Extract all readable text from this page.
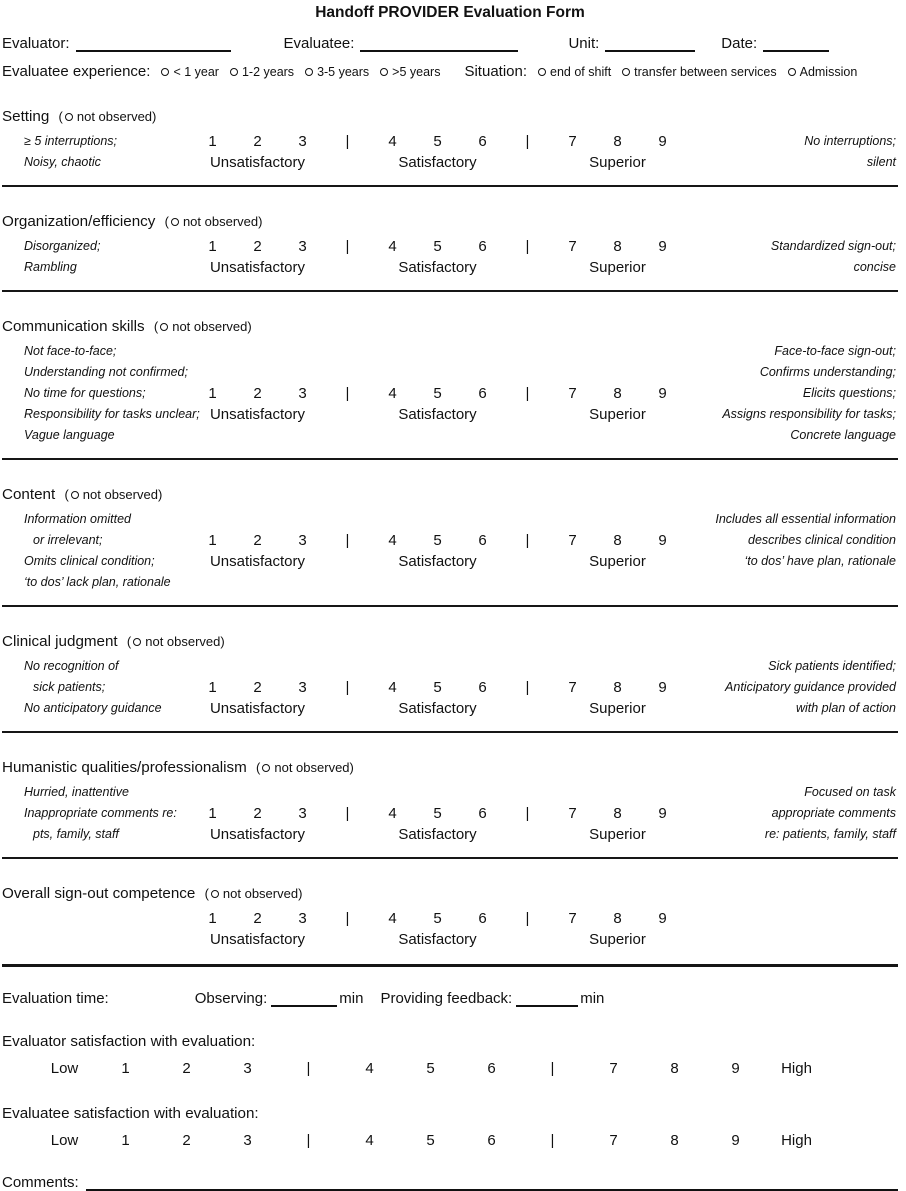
Handoff PROVIDER Evaluation Form
Evaluator:	Evaluatee:	Unit:	Date:
Evaluatee experience: < 1 year 1-2 years 3-5 years >5 years Situation: end of shift transfer between services Admission
Setting ( not observed)
≥ 5 interruptions;
Noisy, chaotic
1	2	3	|	4	5	6	|	7	8	9
Unsatisfactory	Satisfactory	Superior
No interruptions;
silent
Organization/efficiency ( not observed)
Disorganized;
Rambling
1	2	3	|	4	5	6	|	7	8	9
Unsatisfactory	Satisfactory	Superior
Standardized sign-out;
concise
Communication skills ( not observed)
Not face-to-face;
Understanding not confirmed;
No time for questions;
Responsibility for tasks unclear;
Vague language
1	2	3	|	4	5	6	|	7	8	9
Unsatisfactory	Satisfactory	Superior
Face-to-face sign-out;
Confirms understanding;
Elicits questions;
Assigns responsibility for tasks;
Concrete language
Content ( not observed)
Information omitted
or irrelevant;
Omits clinical condition;
‘to dos’ lack plan, rationale
1	2	3	|	4	5	6	|	7	8	9
Unsatisfactory	Satisfactory	Superior
Includes all essential information
describes clinical condition
‘to dos’ have plan, rationale
Clinical judgment ( not observed)
No recognition of
sick patients;
No anticipatory guidance
1	2	3	|	4	5	6	|	7	8	9
Unsatisfactory	Satisfactory	Superior
Sick patients identified;
Anticipatory guidance provided
with plan of action
Humanistic qualities/professionalism ( not observed)
Hurried, inattentive
Inappropriate comments re:
pts, family, staff
1	2	3	|	4	5	6	|	7	8	9
Unsatisfactory	Satisfactory	Superior
Focused on task
appropriate comments
re: patients, family, staff
Overall sign-out competence ( not observed)
1	2	3	|	4	5	6	|	7	8	9
Unsatisfactory	Satisfactory	Superior
Evaluation time:	Observing:	min Providing feedback:	min
Evaluator satisfaction with evaluation:
Low	1	2	3	|	4	5	6	|	7	8	9	High
Evaluatee satisfaction with evaluation:
Low	1	2	3	|	4	5	6	|	7	8	9	High
Comments:
